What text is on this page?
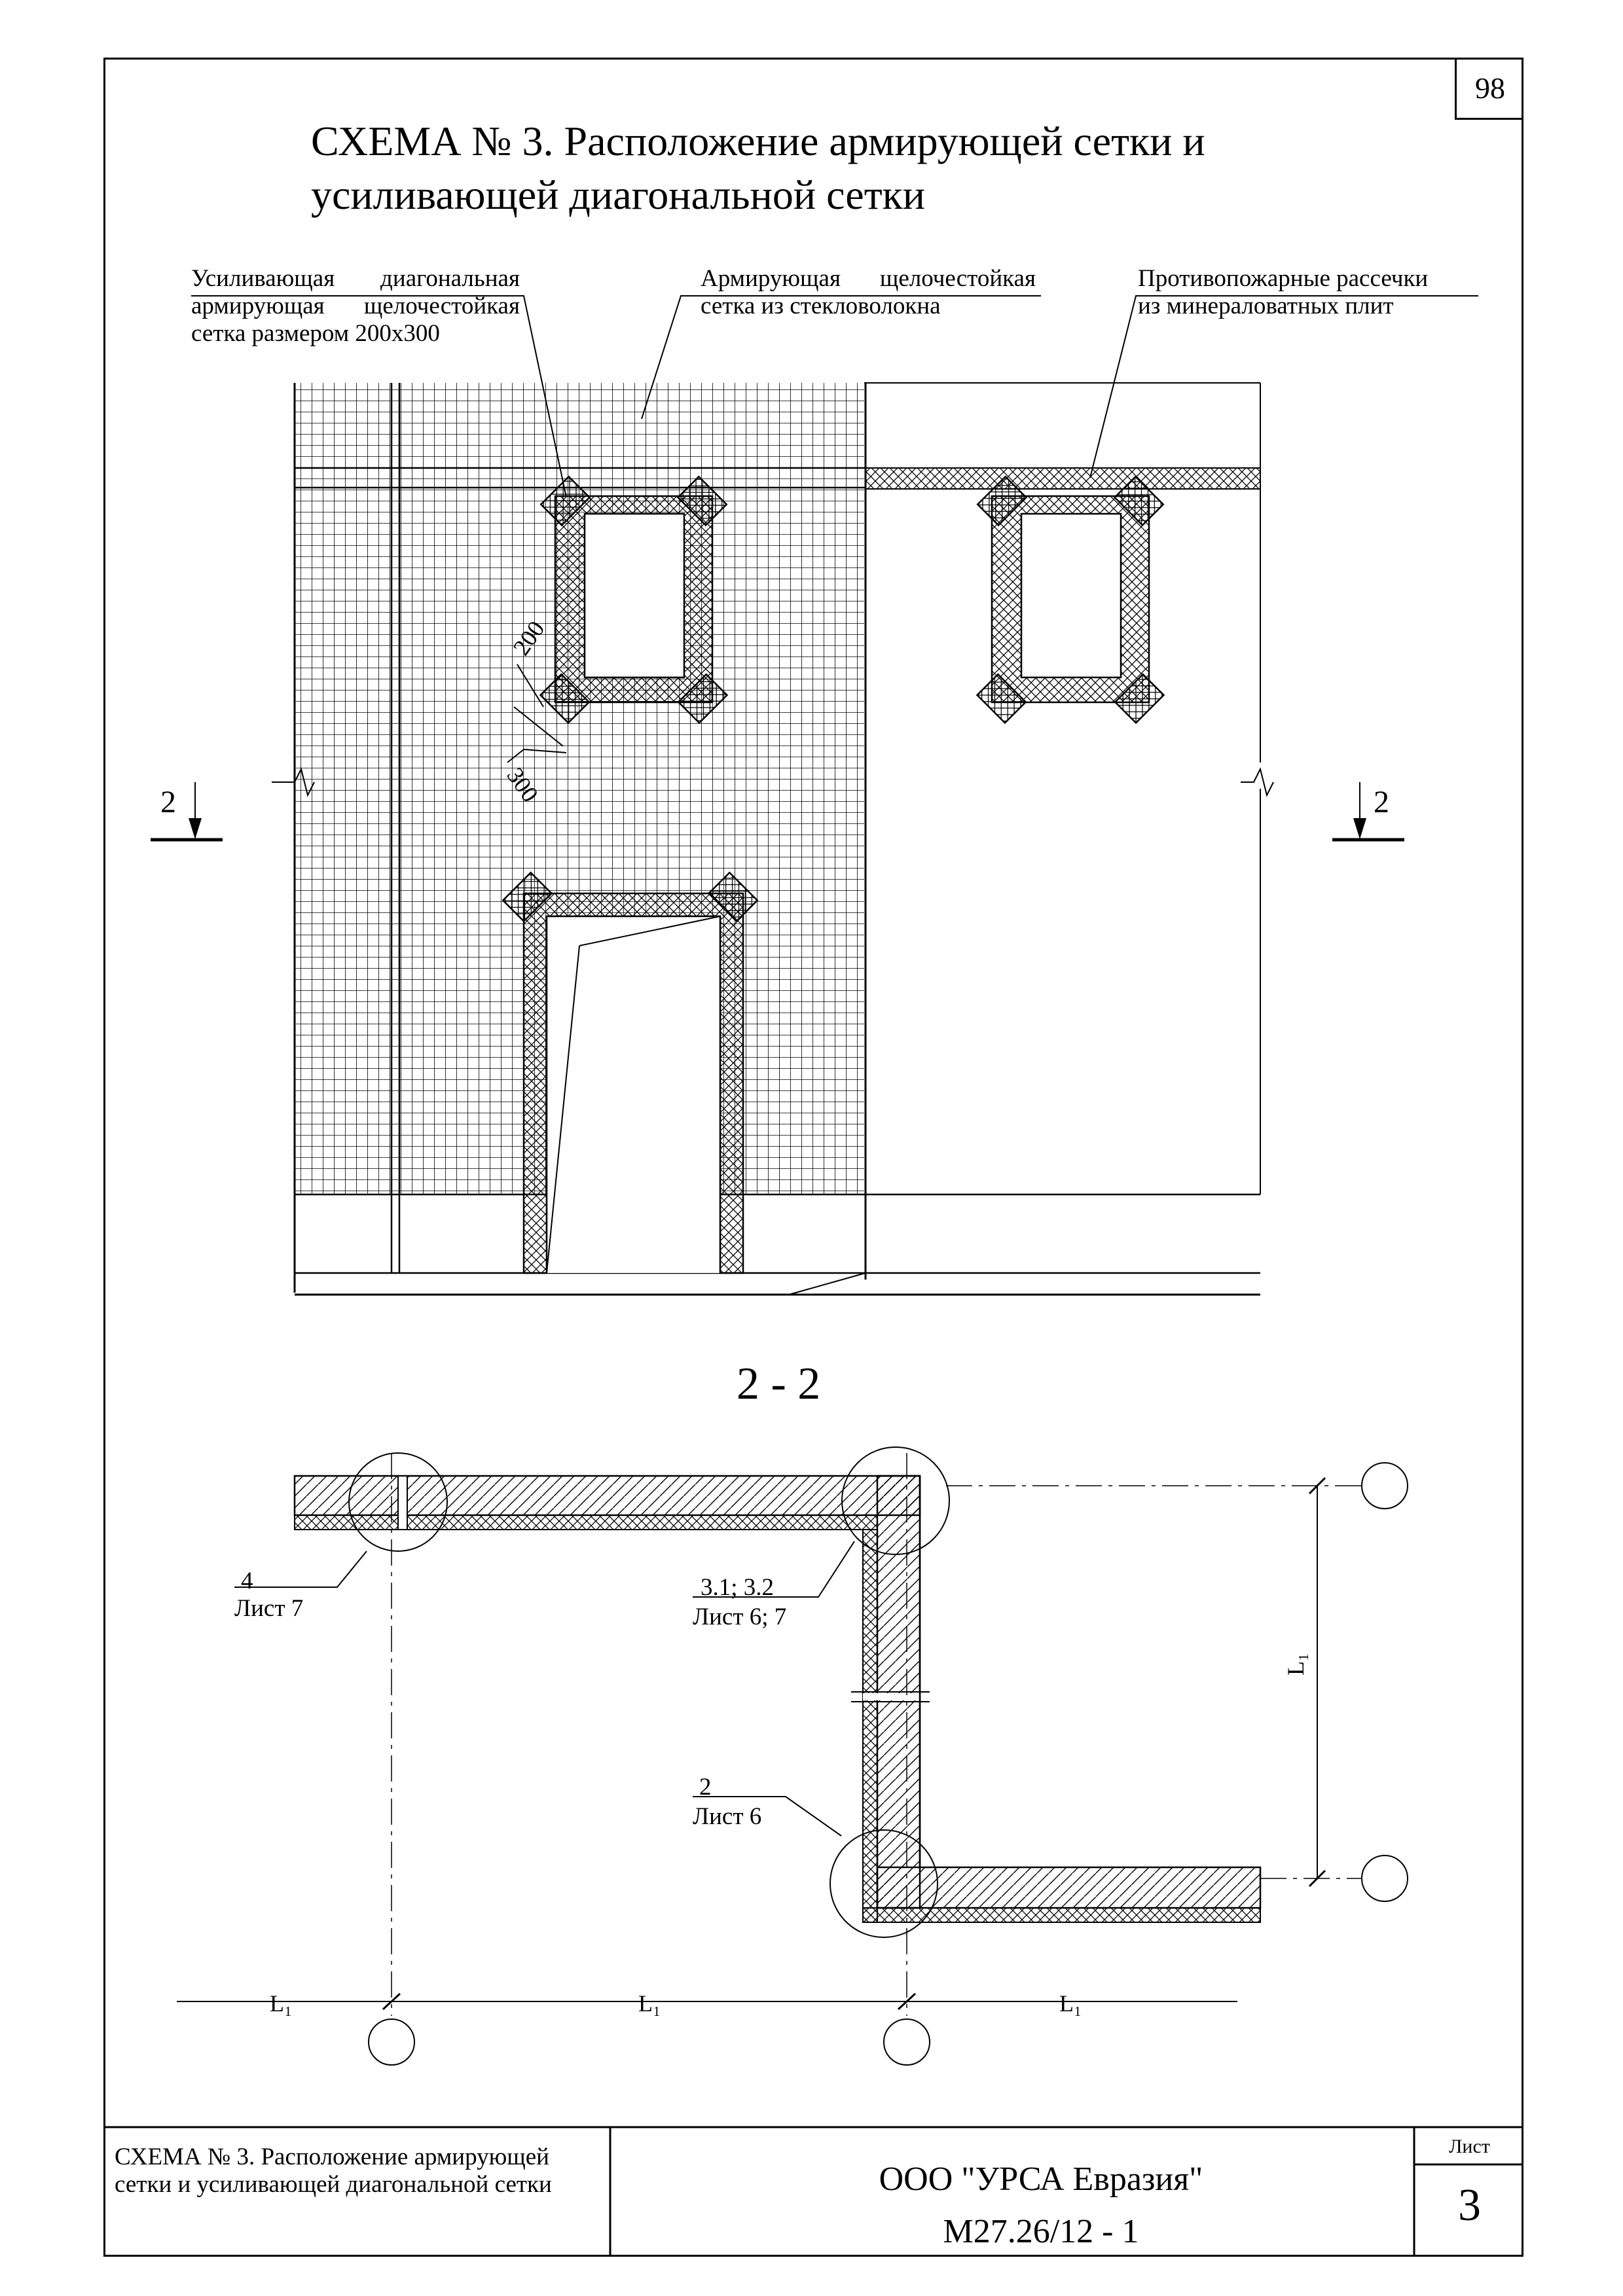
98
СХЕМА № 3. Расположение армирующей сетки и
усиливающей диагональной сетки
Усиливающая диагональная
армирующая щелочестойкая
сетка размером 200х300
Армирующая щелочестойкая
сетка из стекловолокна
Противопожарные рассечки
из минераловатных плит
2	2
2 - 2
4
Лист 7
3.1; 3.2
Лист 6; 7
2
Лист 6
L₁	L₁	L₁
L₁
СХЕМА № 3. Расположение армирующей
сетки и усиливающей диагональной сетки	ООО "УРСА Евразия"
М27.26/12 - 1
Лист
3
